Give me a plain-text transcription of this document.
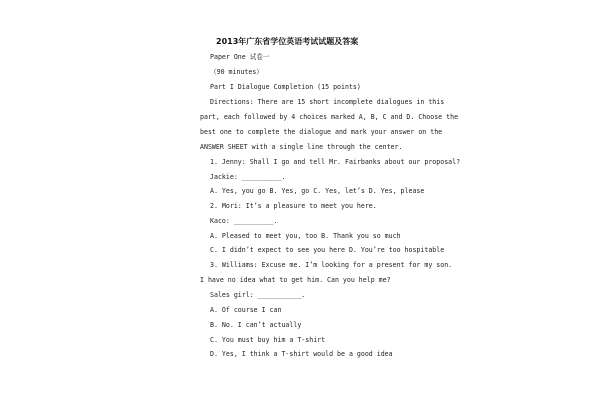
2013年广东省学位英语考试试题及答案
Paper One 试卷一
（90 minutes）
Part I Dialogue Completion (15 points)
Directions: There are 15 short incomplete dialogues in this
part, each followed by 4 choices marked A, B, C and D. Choose the
best one to complete the dialogue and mark your answer on the
ANSWER SHEET with a single line through the center.
1. Jenny: Shall I go and tell Mr. Fairbanks about our proposal?
Jackie: __________.
A. Yes, you go B. Yes, go C. Yes, let’s D. Yes, please
2. Mori: It’s a pleasure to meet you here.
Kaco: __________.
A. Pleased to meet you, too B. Thank you so much
C. I didn’t expect to see you here D. You’re too hospitable
3. Williams: Excuse me. I’m looking for a present for my son.
I have no idea what to get him. Can you help me?
Sales girl: ___________.
A. Of course I can
B. No. I can’t actually
C. You must buy him a T-shirt
D. Yes, I think a T-shirt would be a good idea
